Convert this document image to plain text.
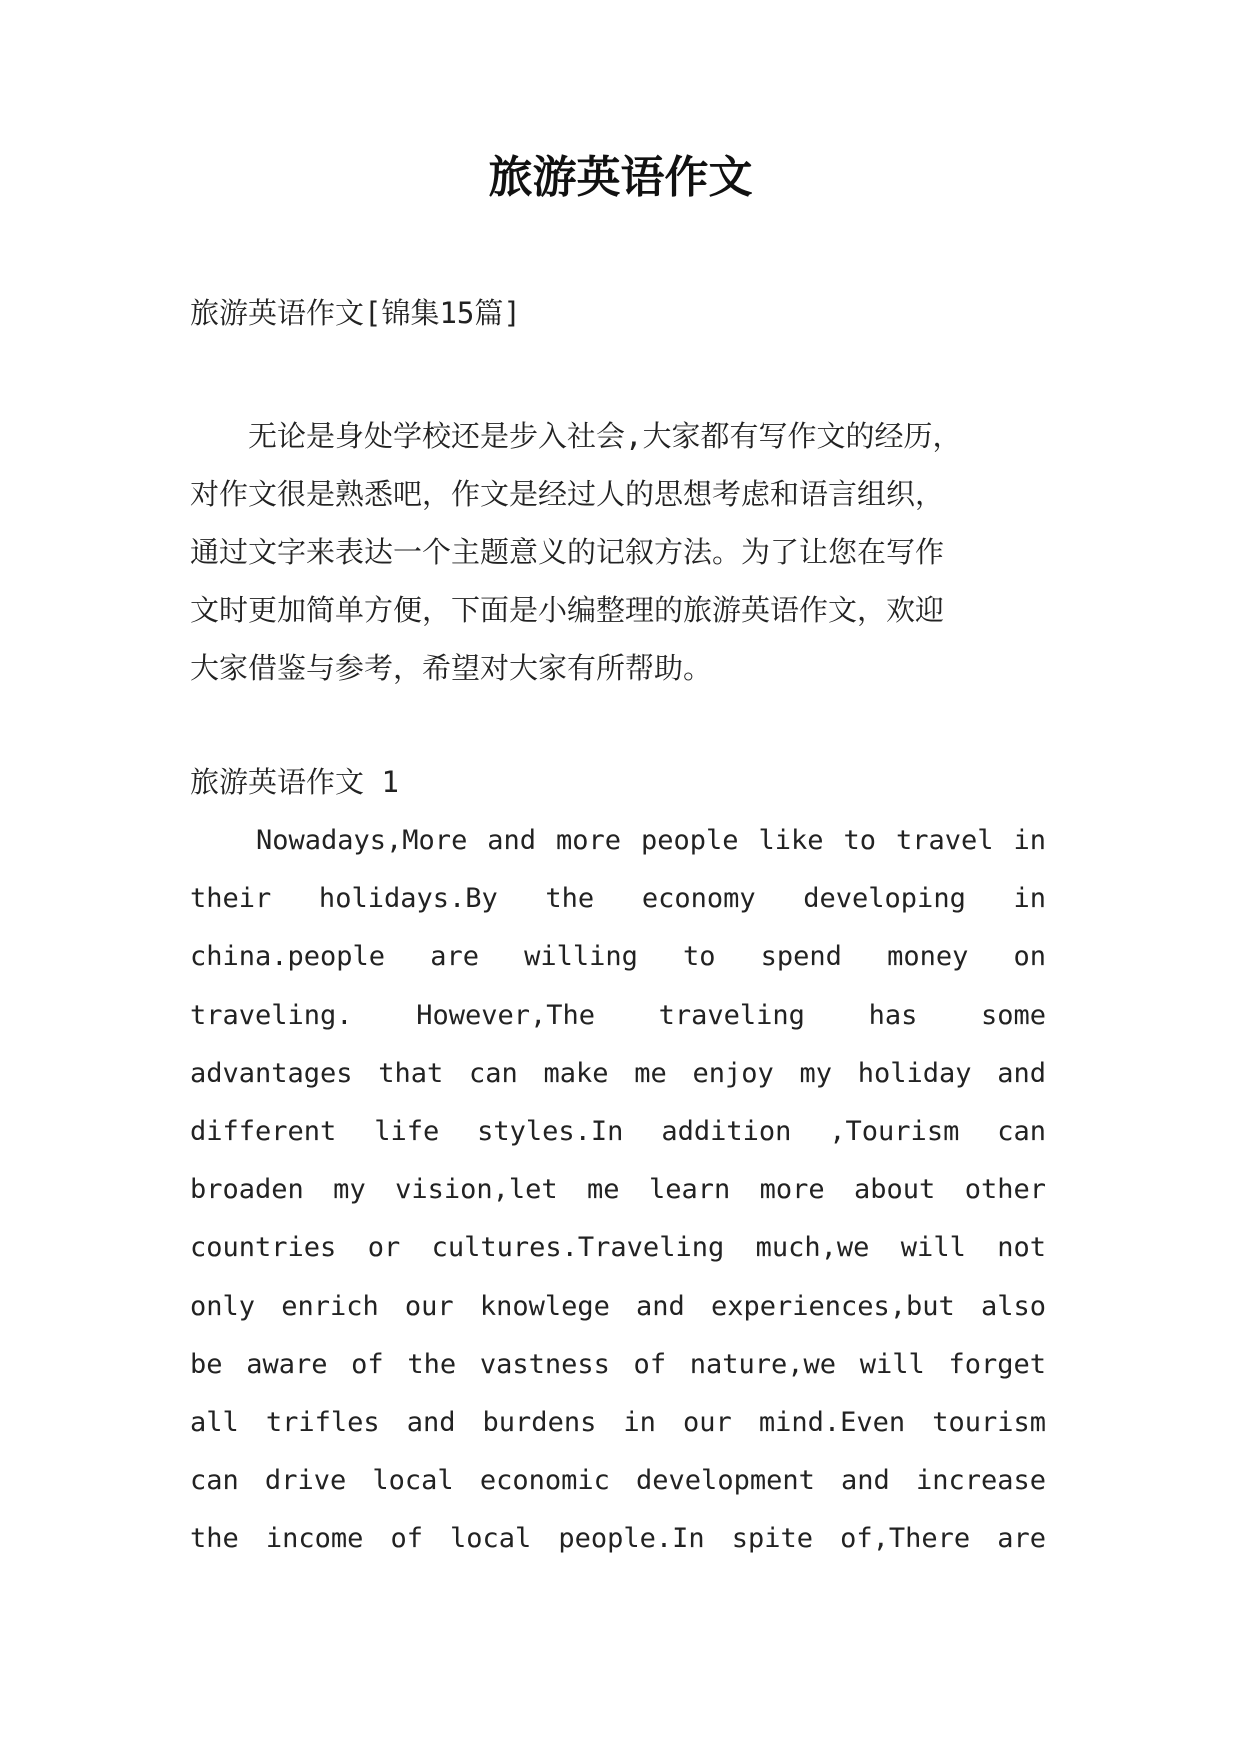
旅游英语作文
旅游英语作文[锦集15篇]
　　无论是身处学校还是步入社会,大家都有写作文的经历，
对作文很是熟悉吧，作文是经过人的思想考虑和语言组织，
通过文字来表达一个主题意义的记叙方法。为了让您在写作
文时更加简单方便，下面是小编整理的旅游英语作文，欢迎
大家借鉴与参考，希望对大家有所帮助。
旅游英语作文 1
Nowadays,More and more people like to travel in
their holidays.By the economy developing in
china.people are willing to spend money on
traveling. However,The traveling has some
advantages that can make me enjoy my holiday and
different life styles.In addition ,Tourism can
broaden my vision,let me learn more about other
countries or cultures.Traveling much,we will not
only enrich our knowlege and experiences,but also
be aware of the vastness of nature,we will forget
all trifles and burdens in our mind.Even tourism
can drive local economic development and increase
the income of local people.In spite of,There are
